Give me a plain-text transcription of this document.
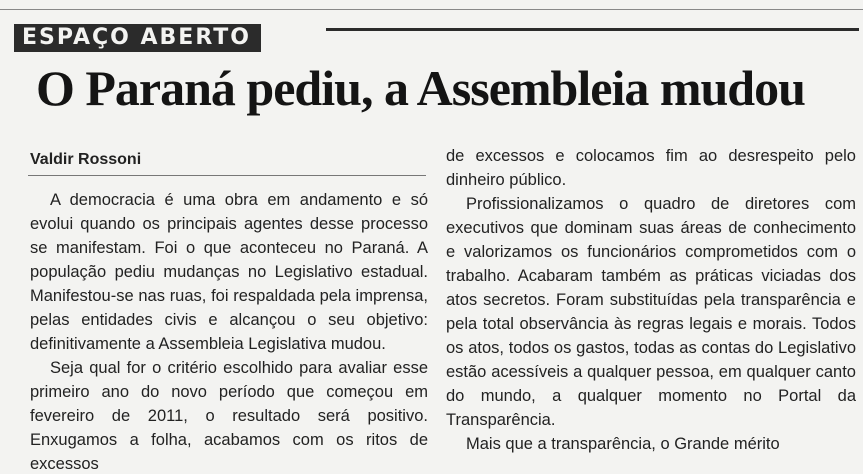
ESPAÇO ABERTO
O Paraná pediu, a Assembleia mudou
Valdir Rossoni

A democracia é uma obra em andamento e só evolui quando os principais agentes desse processo se manifestam. Foi o que aconteceu no Paraná. A população pediu mudanças no Legislativo estadual. Manifestou-se nas ruas, foi respaldada pela imprensa, pelas entidades civis e alcançou o seu objetivo: definitivamente a Assembleia Legislativa mudou.

Seja qual for o critério escolhido para avaliar esse primeiro ano do novo período que começou em fevereiro de 2011, o resultado será positivo. Enxugamos a folha, acabamos com os ritos de excessos

de excessos e colocamos fim ao desrespeito pelo dinheiro público.

Profissionalizamos o quadro de diretores com executivos que dominam suas áreas de conhecimento e valorizamos os funcionários comprometidos com o trabalho. Acabaram também as práticas viciadas dos atos secretos. Foram substituídas pela transparência e pela total observância às regras legais e morais. Todos os atos, todos os gastos, todas as contas do Legislativo estão acessíveis a qualquer pessoa, em qualquer canto do mundo, a qualquer momento no Portal da Transparência.

Mais que a transparência, o Grande mérito
